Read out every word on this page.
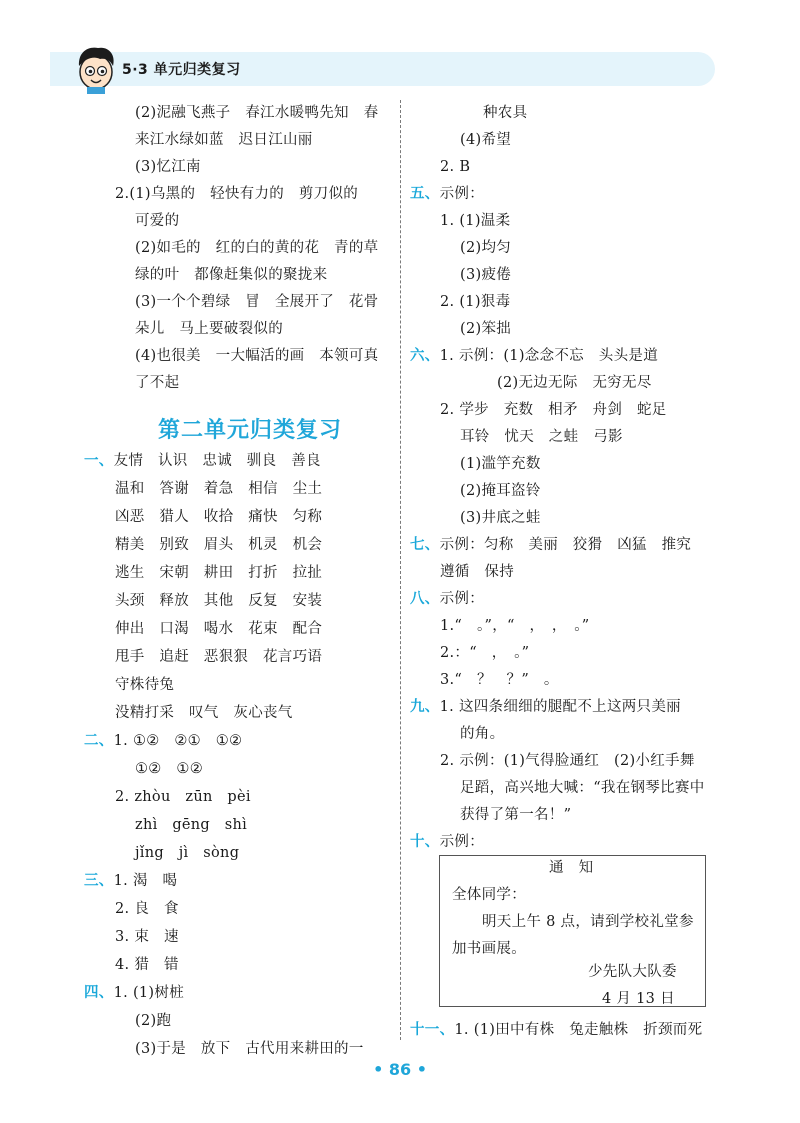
5·3 单元归类复习
(2)泥融飞燕子　春江水暖鸭先知　春
来江水绿如蓝　迟日江山丽
(3)忆江南
2.(1)乌黑的　轻快有力的　剪刀似的
可爱的
(2)如毛的　红的白的黄的花　青的草
绿的叶　都像赶集似的聚拢来
(3)一个个碧绿　冒　全展开了　花骨
朵儿　马上要破裂似的
(4)也很美　一大幅活的画　本领可真
了不起
第二单元归类复习
一、友情　认识　忠诚　驯良　善良
温和　答谢　着急　相信　尘土
凶恶　猎人　收拾　痛快　匀称
精美　别致　眉头　机灵　机会
逃生　宋朝　耕田　打折　拉扯
头颈　释放　其他　反复　安装
伸出　口渴　喝水　花束　配合
甩手　追赶　恶狠狠　花言巧语
守株待兔
没精打采　叹气　灰心丧气
二、1. ①②　②①　①②
①②　①②
2. zhòu　zūn　pèi
zhì　gēng　shì
jǐng　jì　sòng
三、1. 渴　喝
2. 良　食
3. 束　速
4. 猎　错
四、1. (1)树桩
(2)跑
(3)于是　放下　古代用来耕田的一
种农具
(4)希望
2. B
五、示例：
1. (1)温柔
(2)均匀
(3)疲倦
2. (1)狠毒
(2)笨拙
六、1. 示例：(1)念念不忘　头头是道
(2)无边无际　无穷无尽
2. 学步　充数　相矛　舟剑　蛇足
耳铃　忧天　之蛙　弓影
(1)滥竽充数
(2)掩耳盗铃
(3)井底之蛙
七、示例：匀称　美丽　狡猾　凶猛　推究
遵循　保持
八、示例：
1.“　。”，“　，　，　。”
2.：“　，　。”
3.“　？　？”　。
九、1. 这四条细细的腿配不上这两只美丽
的角。
2. 示例：(1)气得脸通红　(2)小红手舞
足蹈，高兴地大喊：“我在钢琴比赛中
获得了第一名！”
十、示例：
通　知
全体同学：
明天上午 8 点，请到学校礼堂参
加书画展。
少先队大队委
4 月 13 日
十一、1. (1)田中有株　兔走触株　折颈而死
• 86 •
